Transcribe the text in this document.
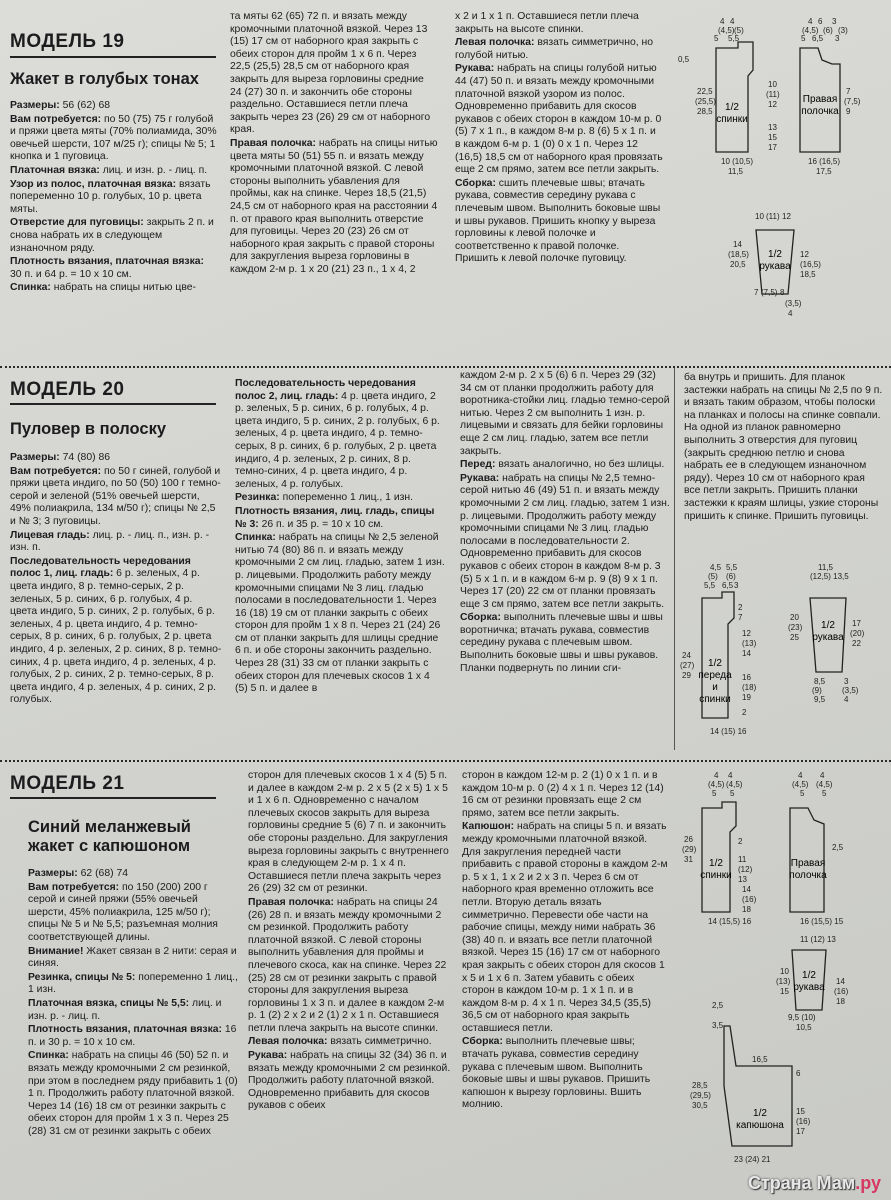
МОДЕЛЬ 19
Жакет в голубых тонах

Размеры: 56 (62) 68

Вам потребуется: по 50 (75) 75 г голубой и пряжи цвета мяты (70% полиамида, 30% овечьей шерсти, 107 м/25 г); спицы № 5; 1 кнопка и 1 пуговица.

Платочная вязка: лиц. и изн. р. - лиц. п.

Узор из полос, платочная вязка: вязать попеременно 10 р. голубых, 10 р. цвета мяты.

Отверстие для пуговицы: закрыть 2 п. и снова набрать их в следующем изнаночном ряду.

Плотность вязания, платочная вязка: 30 п. и 64 р. = 10 x 10 см.

Спинка: набрать на спицы нитью цве-

та мяты 62 (65) 72 п. и вязать между кромочными платочной вязкой. Через 13 (15) 17 см от наборного края закрыть с обеих сторон для пройм 1 x 6 п. Через 22,5 (25,5) 28,5 см от наборного края закрыть для выреза горловины средние 24 (27) 30 п. и закончить обе стороны раздельно. Оставшиеся петли плеча закрыть через 23 (26) 29 см от наборного края.

Правая полочка: набрать на спицы нитью цвета мяты 50 (51) 55 п. и вязать между кромочными платочной вязкой. С левой стороны выполнить убавления для проймы, как на спинке. Через 18,5 (21,5) 24,5 см от наборного края на расстоянии 4 п. от правого края выполнить отверстие для пуговицы. Через 20 (23) 26 см от наборного края закрыть с правой стороны для закругления выреза горловины в каждом 2-м р. 1 x 20 (21) 23 п., 1 x 4, 2

x 2 и 1 x 1 п. Оставшиеся петли плеча закрыть на высоте спинки.

Левая полочка: вязать симметрично, но голубой нитью.

Рукава: набрать на спицы голубой нитью 44 (47) 50 п. и вязать между кромочными платочной вязкой узором из полос. Одновременно прибавить для скосов рукавов с обеих сторон в каждом 10-м р. 0 (5) 7 x 1 п., в каждом 8-м р. 8 (6) 5 x 1 п. и в каждом 6-м р. 1 (0) 0 x 1 п. Через 12 (16,5) 18,5 см от наборного края провязать еще 2 см прямо, затем все петли закрыть.

Сборка: сшить плечевые швы; втачать рукава, совместив середину рукава с плечевым швом. Выполнить боковые швы и швы рукавов. Пришить кнопку у выреза горловины к левой полочке и соответственно к правой полочке. Пришить к левой полочке пуговицу.

4 4
(4,5) (5)
5 5,5
0,5
22,5
(25,5)
28,5
10
(11)
12
13
15
17
10 (10,5)
11,5
4 6 3
(4,5) (6) (3)
5 6,5 3
7
(7,5)
9
16 (16,5)
17,5
10 (11) 12
14
(18,5)
20,5
12
(16,5)
18,5
7 (7,5) 8
(3,5)
4
1/2 спинки
Правая полочка
1/2 рукава
МОДЕЛЬ 20
Пуловер в полоску

Размеры: 74 (80) 86

Вам потребуется: по 50 г синей, голубой и пряжи цвета индиго, по 50 (50) 100 г темно-серой и зеленой (51% овечьей шерсти, 49% полиакрила, 134 м/50 г); спицы № 2,5 и № 3; 3 пуговицы.

Лицевая гладь: лиц. р. - лиц. п., изн. р. - изн. п.

Последовательность чередования полос 1, лиц. гладь: 6 р. зеленых, 4 р. цвета индиго, 8 р. темно-серых, 2 р. зеленых, 5 р. синих, 6 р. голубых, 4 р. цвета индиго, 5 р. синих, 2 р. голубых, 6 р. зеленых, 4 р. цвета индиго, 4 р. темно-серых, 8 р. синих, 6 р. голубых, 2 р. цвета индиго, 4 р. зеленых, 2 р. синих, 8 р. темно-синих, 4 р. цвета индиго, 4 р. зеленых, 4 р. голубых, 2 р. синих, 2 р. темно-серых, 8 р. цвета индиго, 4 р. зеленых, 4 р. синих, 2 р. голубых.

Последовательность чередования полос 2, лиц. гладь: 4 р. цвета индиго, 2 р. зеленых, 5 р. синих, 6 р. голубых, 4 р. цвета индиго, 5 р. синих, 2 р. голубых, 6 р. зеленых, 4 р. цвета индиго, 4 р. темно-серых, 8 р. синих, 6 р. голубых, 2 р. цвета индиго, 4 р. зеленых, 2 р. синих, 8 р. темно-синих, 4 р. цвета индиго, 4 р. зеленых, 4 р. голубых.

Резинка: попеременно 1 лиц., 1 изн.

Плотность вязания, лиц. гладь, спицы № 3: 26 п. и 35 р. = 10 x 10 см.

Спинка: набрать на спицы № 2,5 зеленой нитью 74 (80) 86 п. и вязать между кромочными 2 см лиц. гладью, затем 1 изн. р. лицевыми. Продолжить работу между кромочными спицами № 3 лиц. гладью полосами в последовательности 1. Через 16 (18) 19 см от планки закрыть с обеих сторон для пройм 1 x 8 п. Через 21 (24) 26 см от планки закрыть для шлицы средние 6 п. и обе стороны закончить раздельно. Через 28 (31) 33 см от планки закрыть с обеих сторон для плечевых скосов 1 x 4 (5) 5 п. и далее в

каждом 2-м р. 2 x 5 (6) 6 п. Через 29 (32) 34 см от планки продолжить работу для воротника-стойки лиц. гладью темно-серой нитью. Через 2 см выполнить 1 изн. р. лицевыми и связать для бейки горловины еще 2 см лиц. гладью, затем все петли закрыть.

Перед: вязать аналогично, но без шлицы.

Рукава: набрать на спицы № 2,5 темно-серой нитью 46 (49) 51 п. и вязать между кромочными 2 см лиц. гладью, затем 1 изн. р. лицевыми. Продолжить работу между кромочными спицами № 3 лиц. гладью полосами в последовательности 2. Одновременно прибавить для скосов рукавов с обеих сторон в каждом 8-м р. 3 (5) 5 x 1 п. и в каждом 6-м р. 9 (8) 9 x 1 п. Через 17 (20) 22 см от планки провязать еще 3 см прямо, затем все петли закрыть.

Сборка: выполнить плечевые швы и швы воротничка; втачать рукава, совместив середину рукава с плечевым швом. Выполнить боковые швы и швы рукавов. Планки подвернуть по линии сги-

ба внутрь и пришить. Для планок застежки набрать на спицы № 2,5 по 9 п. и вязать таким образом, чтобы полоски на планках и полосы на спинке совпали. На одной из планок равномерно выполнить 3 отверстия для пуговиц (закрыть среднюю петлю и снова набрать ее в следующем изнаночном ряду). Через 10 см от наборного края все петли закрыть. Пришить планки застежки к краям шлицы, узкие стороны пришить к спинке. Пришить пуговицы.

4,5 5,5
(5) (6)
5,5 6,5 3
2
7
12
(13)
14
24
(27)
29	16
(18)
19
2
14 (15) 16
11,5
(12,5) 13,5
20
(23)
25
17
(20)
22
8,5
(9)
9,5
3
(3,5)
4
1/2 переда и спинки
1/2 рукава
МОДЕЛЬ 21
Синий меланжевый жакет с капюшоном

Размеры: 62 (68) 74

Вам потребуется: по 150 (200) 200 г серой и синей пряжи (55% овечьей шерсти, 45% полиакрила, 125 м/50 г); спицы № 5 и № 5,5; разъемная молния соответствующей длины.

Внимание! Жакет связан в 2 нити: серая и синяя.

Резинка, спицы № 5: попеременно 1 лиц., 1 изн.

Платочная вязка, спицы № 5,5: лиц. и изн. р. - лиц. п.

Плотность вязания, платочная вязка: 16 п. и 30 р. = 10 x 10 см.

Спинка: набрать на спицы 46 (50) 52 п. и вязать между кромочными 2 см резинкой, при этом в последнем ряду прибавить 1 (0) 1 п. Продолжить работу платочной вязкой. Через 14 (16) 18 см от резинки закрыть с обеих сторон для пройм 1 x 3 п. Через 25 (28) 31 см от резинки закрыть с обеих

сторон для плечевых скосов 1 x 4 (5) 5 п. и далее в каждом 2-м р. 2 x 5 (2 x 5) 1 x 5 и 1 x 6 п. Одновременно с началом плечевых скосов закрыть для выреза горловины средние 5 (6) 7 п. и закончить обе стороны раздельно. Для закругления выреза горловины закрыть с внутреннего края в следующем 2-м р. 1 x 4 п. Оставшиеся петли плеча закрыть через 26 (29) 32 см от резинки.

Правая полочка: набрать на спицы 24 (26) 28 п. и вязать между кромочными 2 см резинкой. Продолжить работу платочной вязкой. С левой стороны выполнить убавления для проймы и плечевого скоса, как на спинке. Через 22 (25) 28 см от резинки закрыть с правой стороны для закругления выреза горловины 1 x 3 п. и далее в каждом 2-м р. 1 (2) 2 x 2 и 2 (1) 2 x 1 п. Оставшиеся петли плеча закрыть на высоте спинки.

Левая полочка: вязать симметрично.

Рукава: набрать на спицы 32 (34) 36 п. и вязать между кромочными 2 см резинкой. Продолжить работу платочной вязкой. Одновременно прибавить для скосов рукавов с обеих

сторон в каждом 12-м р. 2 (1) 0 x 1 п. и в каждом 10-м р. 0 (2) 4 x 1 п. Через 12 (14) 16 см от резинки провязать еще 2 см прямо, затем все петли закрыть.

Капюшон: набрать на спицы 5 п. и вязать между кромочными платочной вязкой. Для закругления передней части прибавить с правой стороны в каждом 2-м р. 5 x 1, 1 x 2 и 2 x 3 п. Через 6 см от наборного края временно отложить все петли. Вторую деталь вязать симметрично. Перевести обе части на рабочие спицы, между ними набрать 36 (38) 40 п. и вязать все петли платочной вязкой. Через 15 (16) 17 см от наборного края закрыть с обеих сторон для скосов 1 x 5 и 1 x 6 п. Затем убавить с обеих сторон в каждом 10-м р. 1 x 1 п. и в каждом 8-м р. 4 x 1 п. Через 34,5 (35,5) 36,5 см от наборного края закрыть оставшиеся петли.

Сборка: выполнить плечевые швы; втачать рукава, совместив середину рукава с плечевым швом. Выполнить боковые швы и швы рукавов. Пришить капюшон к вырезу горловины. Вшить молнию.

4 4
(4,5) (4,5)
5 5
26
(29)
31
2
11
(12)
13
14
(16)
18
14 (15,5) 16
4 4
(4,5) (4,5)
5 5
2,5
16 (15,5) 15
11 (12) 13
10
(13)
15
14
(16)
18
9,5 (10)
10,5
2,5
3,5
28,5
(29,5)
30,5
16,5
6
15
(16)
17
23 (24) 21
1/2 спинки
Правая полочка
1/2 рукава
1/2 капюшона
Страна Мам.ру
